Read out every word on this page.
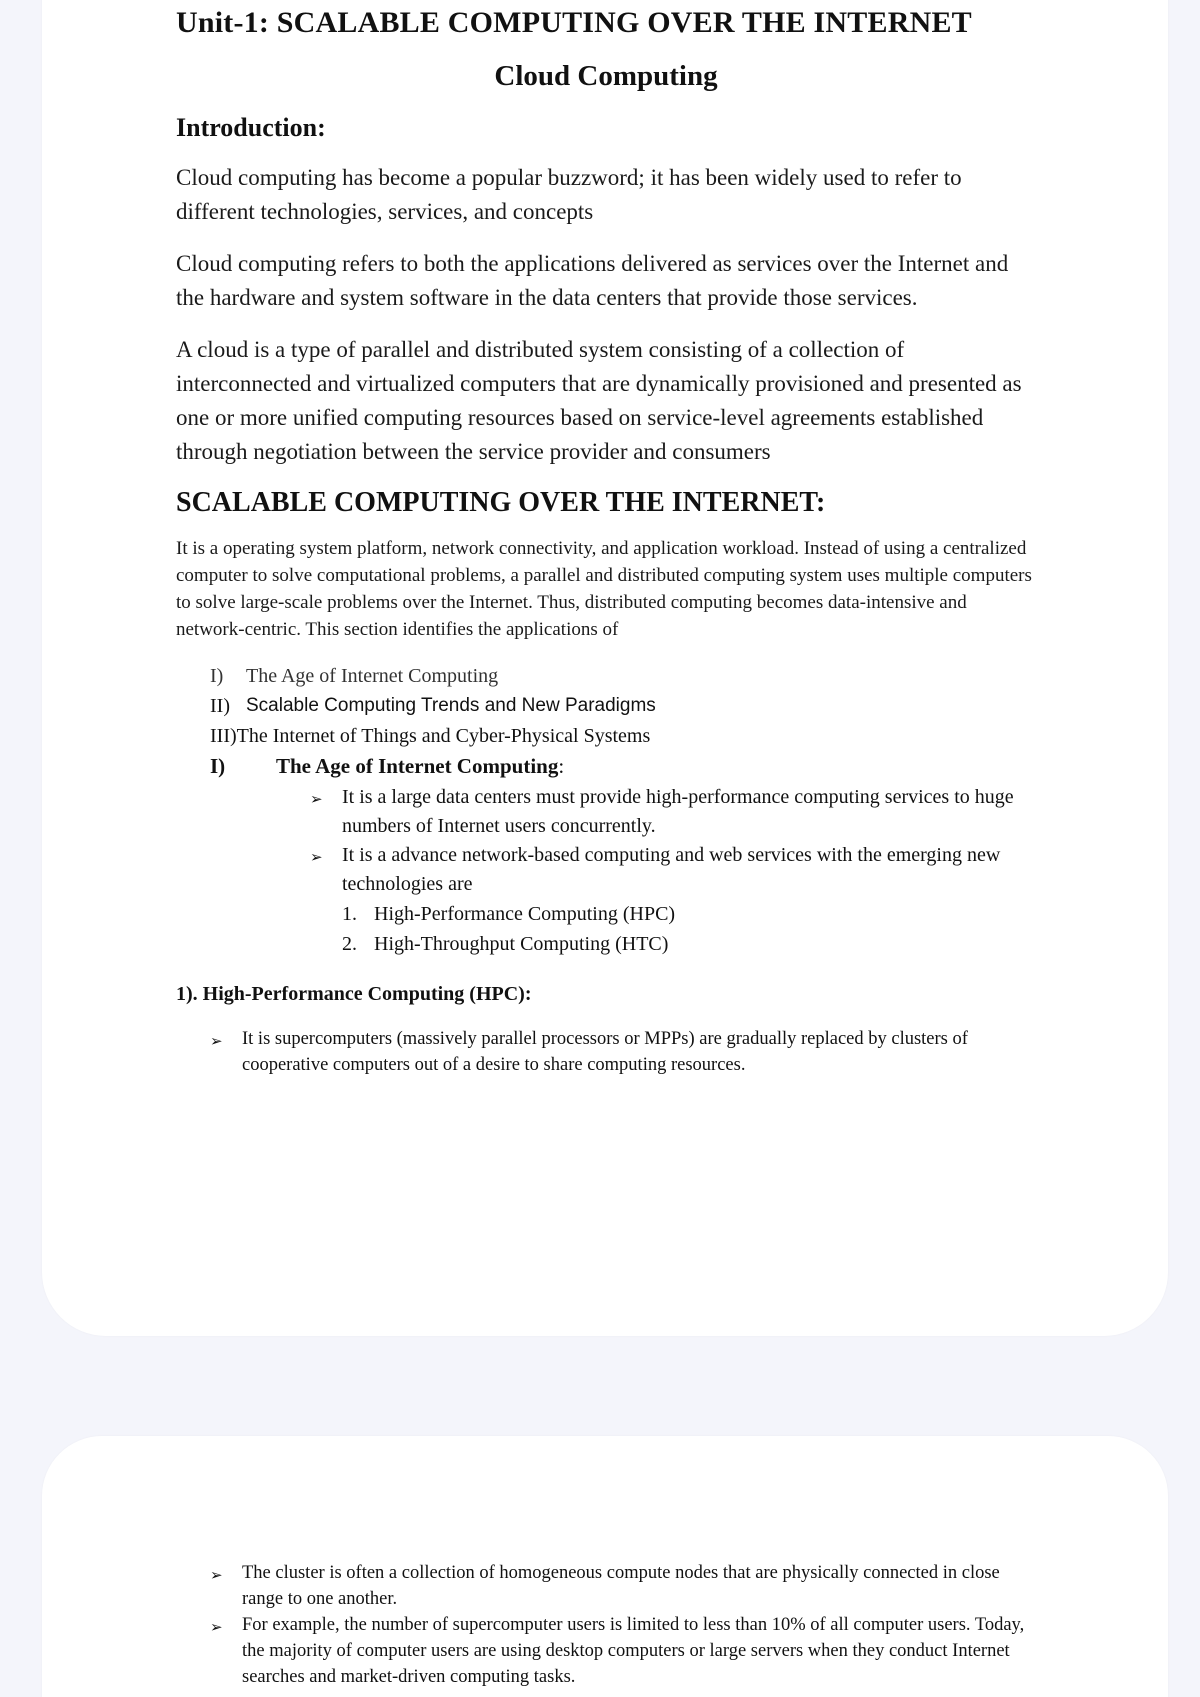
Unit-1: SCALABLE COMPUTING OVER THE INTERNET
Cloud Computing
Introduction:

Cloud computing has become a popular buzzword; it has been widely used to refer to different technologies, services, and concepts

Cloud computing refers to both the applications delivered as services over the Internet and the hardware and system software in the data centers that provide those services.

A cloud is a type of parallel and distributed system consisting of a collection of interconnected and virtualized computers that are dynamically provisioned and presented as one or more unified computing resources based on service-level agreements established through negotiation between the service provider and consumers

SCALABLE COMPUTING OVER THE INTERNET:

It is a operating system platform, network connectivity, and application workload. Instead of using a centralized computer to solve computational problems, a parallel and distributed computing system uses multiple computers to solve large-scale problems over the Internet. Thus, distributed computing becomes data-intensive and network-centric. This section identifies the applications of

I)	The Age of Internet Computing
II) Scalable Computing Trends and New Paradigms
III) The Internet of Things and Cyber-Physical Systems
I)	The Age of Internet Computing :
➢ It is a large data centers must provide high-performance computing services to huge numbers of Internet users concurrently.
➢ It is a advance network-based computing and web services with the emerging new technologies are
1. High-Performance Computing (HPC)
2. High-Throughput Computing (HTC)
1). High-Performance Computing (HPC):
➢	It is supercomputers (massively parallel processors or MPPs) are gradually replaced by clusters of cooperative computers out of a desire to share computing resources.
➢	The cluster is often a collection of homogeneous compute nodes that are physically connected in close range to one another.
➢	For example, the number of supercomputer users is limited to less than 10% of all computer users. Today, the majority of computer users are using desktop computers or large servers when they conduct Internet searches and market-driven computing tasks.
